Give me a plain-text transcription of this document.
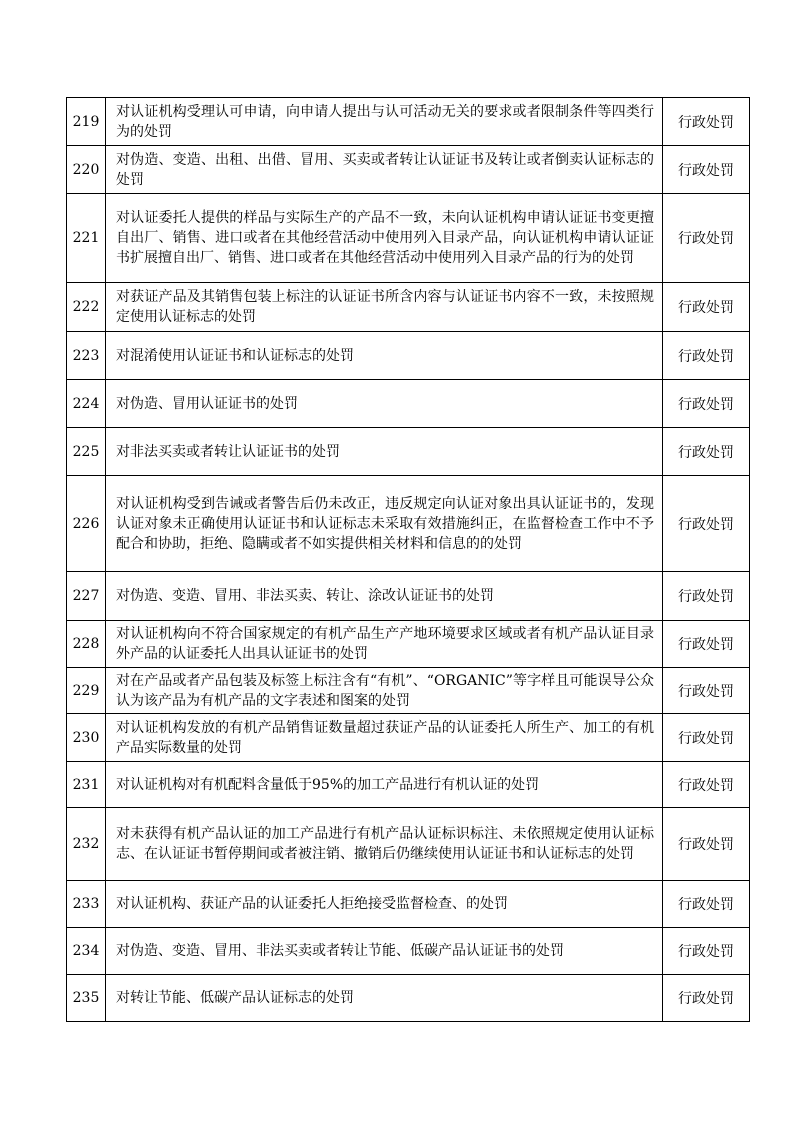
219	对认证机构受理认可申请，向申请人提出与认可活动无关的要求或者限制条件等四类行为的处罚	行政处罚
220	对伪造、变造、出租、出借、冒用、买卖或者转让认证证书及转让或者倒卖认证标志的处罚	行政处罚
221	对认证委托人提供的样品与实际生产的产品不一致，未向认证机构申请认证证书变更擅自出厂、销售、进口或者在其他经营活动中使用列入目录产品，向认证机构申请认证证书扩展擅自出厂、销售、进口或者在其他经营活动中使用列入目录产品的行为的处罚	行政处罚
222	对获证产品及其销售包装上标注的认证证书所含内容与认证证书内容不一致，未按照规定使用认证标志的处罚	行政处罚
223	对混淆使用认证证书和认证标志的处罚	行政处罚
224	对伪造、冒用认证证书的处罚	行政处罚
225	对非法买卖或者转让认证证书的处罚	行政处罚
226	对认证机构受到告诫或者警告后仍未改正，违反规定向认证对象出具认证证书的，发现认证对象未正确使用认证证书和认证标志未采取有效措施纠正，在监督检查工作中不予配合和协助，拒绝、隐瞒或者不如实提供相关材料和信息的的处罚	行政处罚
227	对伪造、变造、冒用、非法买卖、转让、涂改认证证书的处罚	行政处罚
228	对认证机构向不符合国家规定的有机产品生产产地环境要求区域或者有机产品认证目录外产品的认证委托人出具认证证书的处罚	行政处罚
229	对在产品或者产品包装及标签上标注含有“有机”、“ORGANIC”等字样且可能误导公众认为该产品为有机产品的文字表述和图案的处罚	行政处罚
230	对认证机构发放的有机产品销售证数量超过获证产品的认证委托人所生产、加工的有机产品实际数量的处罚	行政处罚
231	对认证机构对有机配料含量低于95%的加工产品进行有机认证的处罚	行政处罚
232	对未获得有机产品认证的加工产品进行有机产品认证标识标注、未依照规定使用认证标志、在认证证书暂停期间或者被注销、撤销后仍继续使用认证证书和认证标志的处罚	行政处罚
233	对认证机构、获证产品的认证委托人拒绝接受监督检查、的处罚	行政处罚
234	对伪造、变造、冒用、非法买卖或者转让节能、低碳产品认证证书的处罚	行政处罚
235	对转让节能、低碳产品认证标志的处罚	行政处罚
